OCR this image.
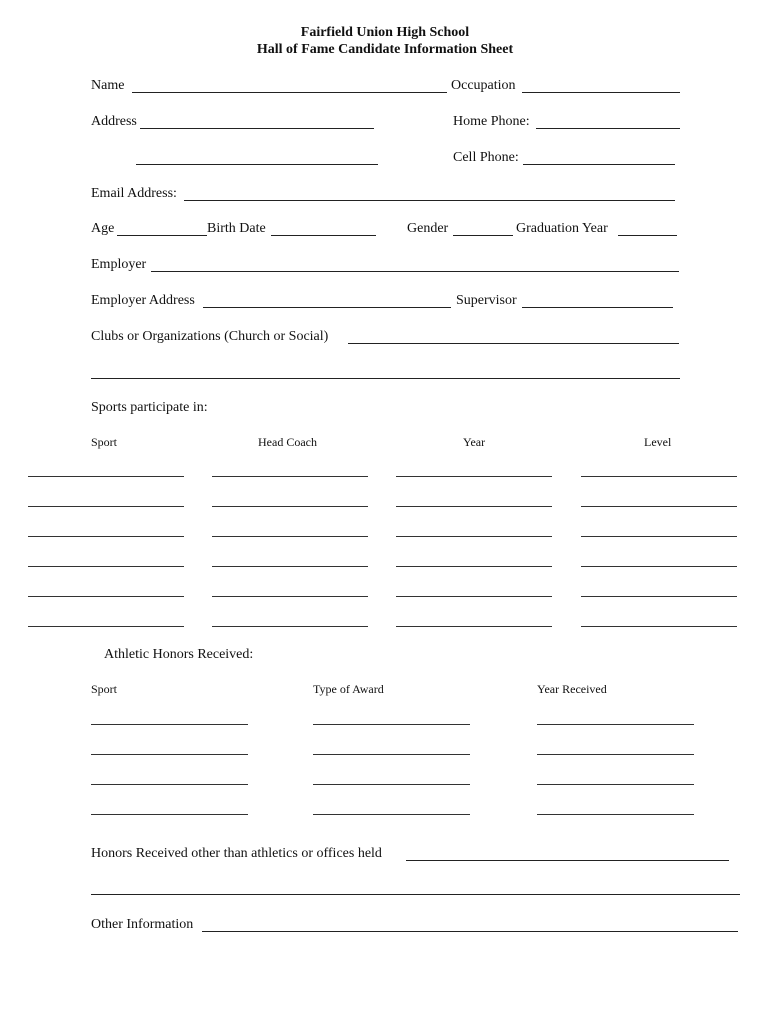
Fairfield Union High School
Hall of Fame Candidate Information Sheet
Name	Occupation
Address	Home Phone:
Cell Phone:
Email Address:
Age	Birth Date	Gender	Graduation Year
Employer
Employer Address	Supervisor
Clubs or Organizations (Church or Social)
Sports participate in:
Sport	Head Coach	Year	Level
Athletic Honors Received:
Sport	Type of Award	Year Received
Honors Received other than athletics or offices held
Other Information
